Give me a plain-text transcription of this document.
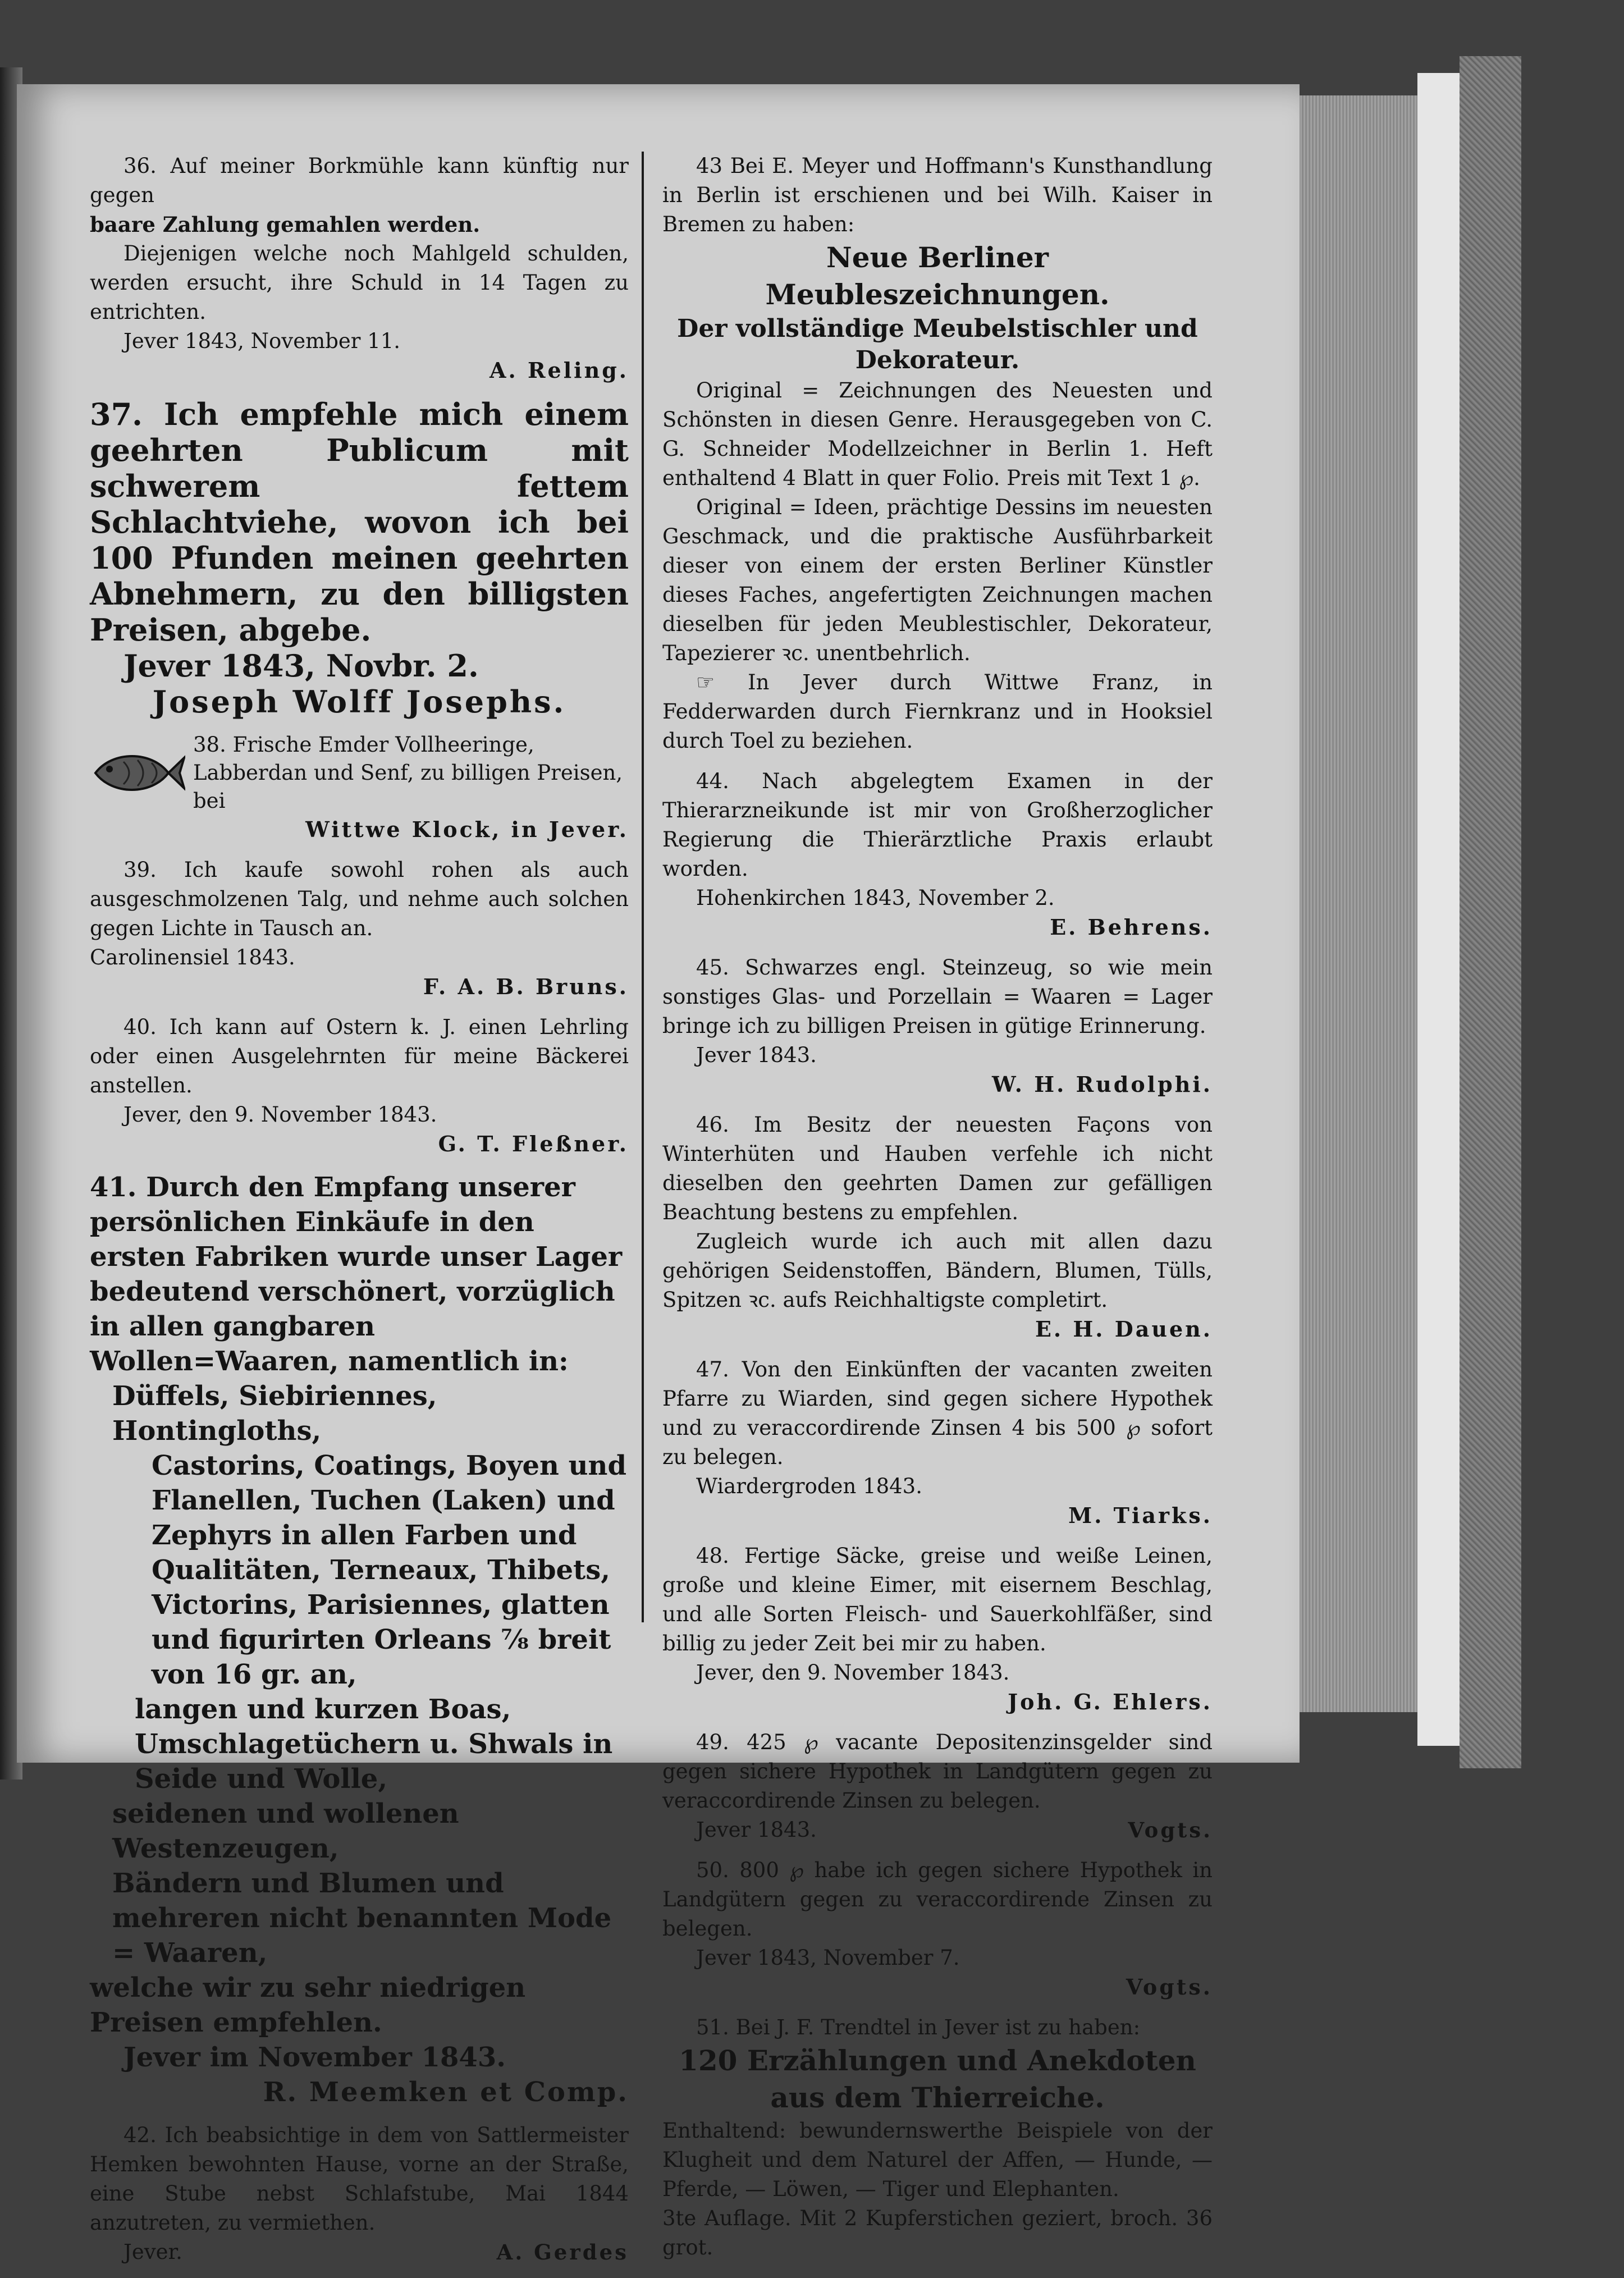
36. Auf meiner Borkmühle kann künftig nur gegen
baare Zahlung gemahlen werden.
Diejenigen welche noch Mahlgeld schulden, werden ersucht, ihre Schuld in 14 Tagen zu entrichten.
Jever 1843, November 11.
A. Reling.
37. Ich empfehle mich einem geehrten Publicum mit schwerem fettem Schlachtviehe, wovon ich bei 100 Pfunden meinen geehrten Abnehmern, zu den billigsten Preisen, abgebe.
Jever 1843, Novbr. 2.
Joseph Wolff Josephs.
38. Frische Emder Vollheeringe, Labberdan und Senf, zu billigen Preisen, bei
Wittwe Klock, in Jever.
39. Ich kaufe sowohl rohen als auch ausgeschmolzenen Talg, und nehme auch solchen gegen Lichte in Tausch an.
Carolinensiel 1843.
F. A. B. Bruns.
40. Ich kann auf Ostern k. J. einen Lehrling oder einen Ausgelehrnten für meine Bäckerei anstellen.
Jever, den 9. November 1843.
G. T. Fleßner.
41. Durch den Empfang unserer persönlichen Einkäufe in den ersten Fabriken wurde unser Lager bedeutend verschönert, vorzüglich in allen gangbaren Wollen=Waaren, namentlich in:
Düffels, Siebiriennes, Hontingloths,
Castorins, Coatings, Boyen und Flanellen, Tuchen (Laken) und Zephyrs in allen Farben und Qualitäten, Terneaux, Thibets, Victorins, Parisiennes, glatten und figurirten Orleans ⅞ breit von 16 gr. an,
langen und kurzen Boas,
Umschlagetüchern u. Shwals in Seide und Wolle,
seidenen und wollenen Westenzeugen,
Bändern und Blumen und mehreren nicht benannten Mode = Waaren,
welche wir zu sehr niedrigen Preisen empfehlen.
Jever im November 1843.
R. Meemken et Comp.
42. Ich beabsichtige in dem von Sattlermeister Hemken bewohnten Hause, vorne an der Straße, eine Stube nebst Schlafstube, Mai 1844 anzutreten, zu vermiethen.
Jever.	A. Gerdes
43 Bei E. Meyer und Hoffmann's Kunsthandlung in Berlin ist erschienen und bei Wilh. Kaiser in Bremen zu haben:
Neue Berliner Meubleszeichnungen.
Der vollständige Meubelstischler und Dekorateur.
Original = Zeichnungen des Neuesten und Schönsten in diesen Genre. Herausgegeben von C. G. Schneider Modellzeichner in Berlin 1. Heft enthaltend 4 Blatt in quer Folio. Preis mit Text 1 ℘.
Original = Ideen, prächtige Dessins im neuesten Geschmack, und die praktische Ausführbarkeit dieser von einem der ersten Berliner Künstler dieses Faches, angefertigten Zeichnungen machen dieselben für jeden Meublestischler, Dekorateur, Tapezierer ꝛc. unentbehrlich.
☞ In Jever durch Wittwe Franz, in Fedderwarden durch Fiernkranz und in Hooksiel durch Toel zu beziehen.
44. Nach abgelegtem Examen in der Thierarzneikunde ist mir von Großherzoglicher Regierung die Thierärztliche Praxis erlaubt worden.
Hohenkirchen 1843, November 2.
E. Behrens.
45. Schwarzes engl. Steinzeug, so wie mein sonstiges Glas- und Porzellain = Waaren = Lager bringe ich zu billigen Preisen in gütige Erinnerung.
Jever 1843.
W. H. Rudolphi.
46. Im Besitz der neuesten Façons von Winterhüten und Hauben verfehle ich nicht dieselben den geehrten Damen zur gefälligen Beachtung bestens zu empfehlen.
Zugleich wurde ich auch mit allen dazu gehörigen Seidenstoffen, Bändern, Blumen, Tülls, Spitzen ꝛc. aufs Reichhaltigste completirt.
E. H. Dauen.
47. Von den Einkünften der vacanten zweiten Pfarre zu Wiarden, sind gegen sichere Hypothek und zu veraccordirende Zinsen 4 bis 500 ℘ sofort zu belegen.
Wiardergroden 1843.
M. Tiarks.
48. Fertige Säcke, greise und weiße Leinen, große und kleine Eimer, mit eisernem Beschlag, und alle Sorten Fleisch- und Sauerkohlfäßer, sind billig zu jeder Zeit bei mir zu haben.
Jever, den 9. November 1843.
Joh. G. Ehlers.
49. 425 ℘ vacante Depositenzinsgelder sind gegen sichere Hypothek in Landgütern gegen zu veraccordirende Zinsen zu belegen.
Jever 1843.	Vogts.
50. 800 ℘ habe ich gegen sichere Hypothek in Landgütern gegen zu veraccordirende Zinsen zu belegen.
Jever 1843, November 7.
Vogts.
51. Bei J. F. Trendtel in Jever ist zu haben:
120 Erzählungen und Anekdoten aus dem Thierreiche.
Enthaltend: bewundernswerthe Beispiele von der Klugheit und dem Naturel der Affen, — Hunde, — Pferde, — Löwen, — Tiger und Elephanten.
3te Auflage. Mit 2 Kupferstichen geziert, broch. 36 grot.
